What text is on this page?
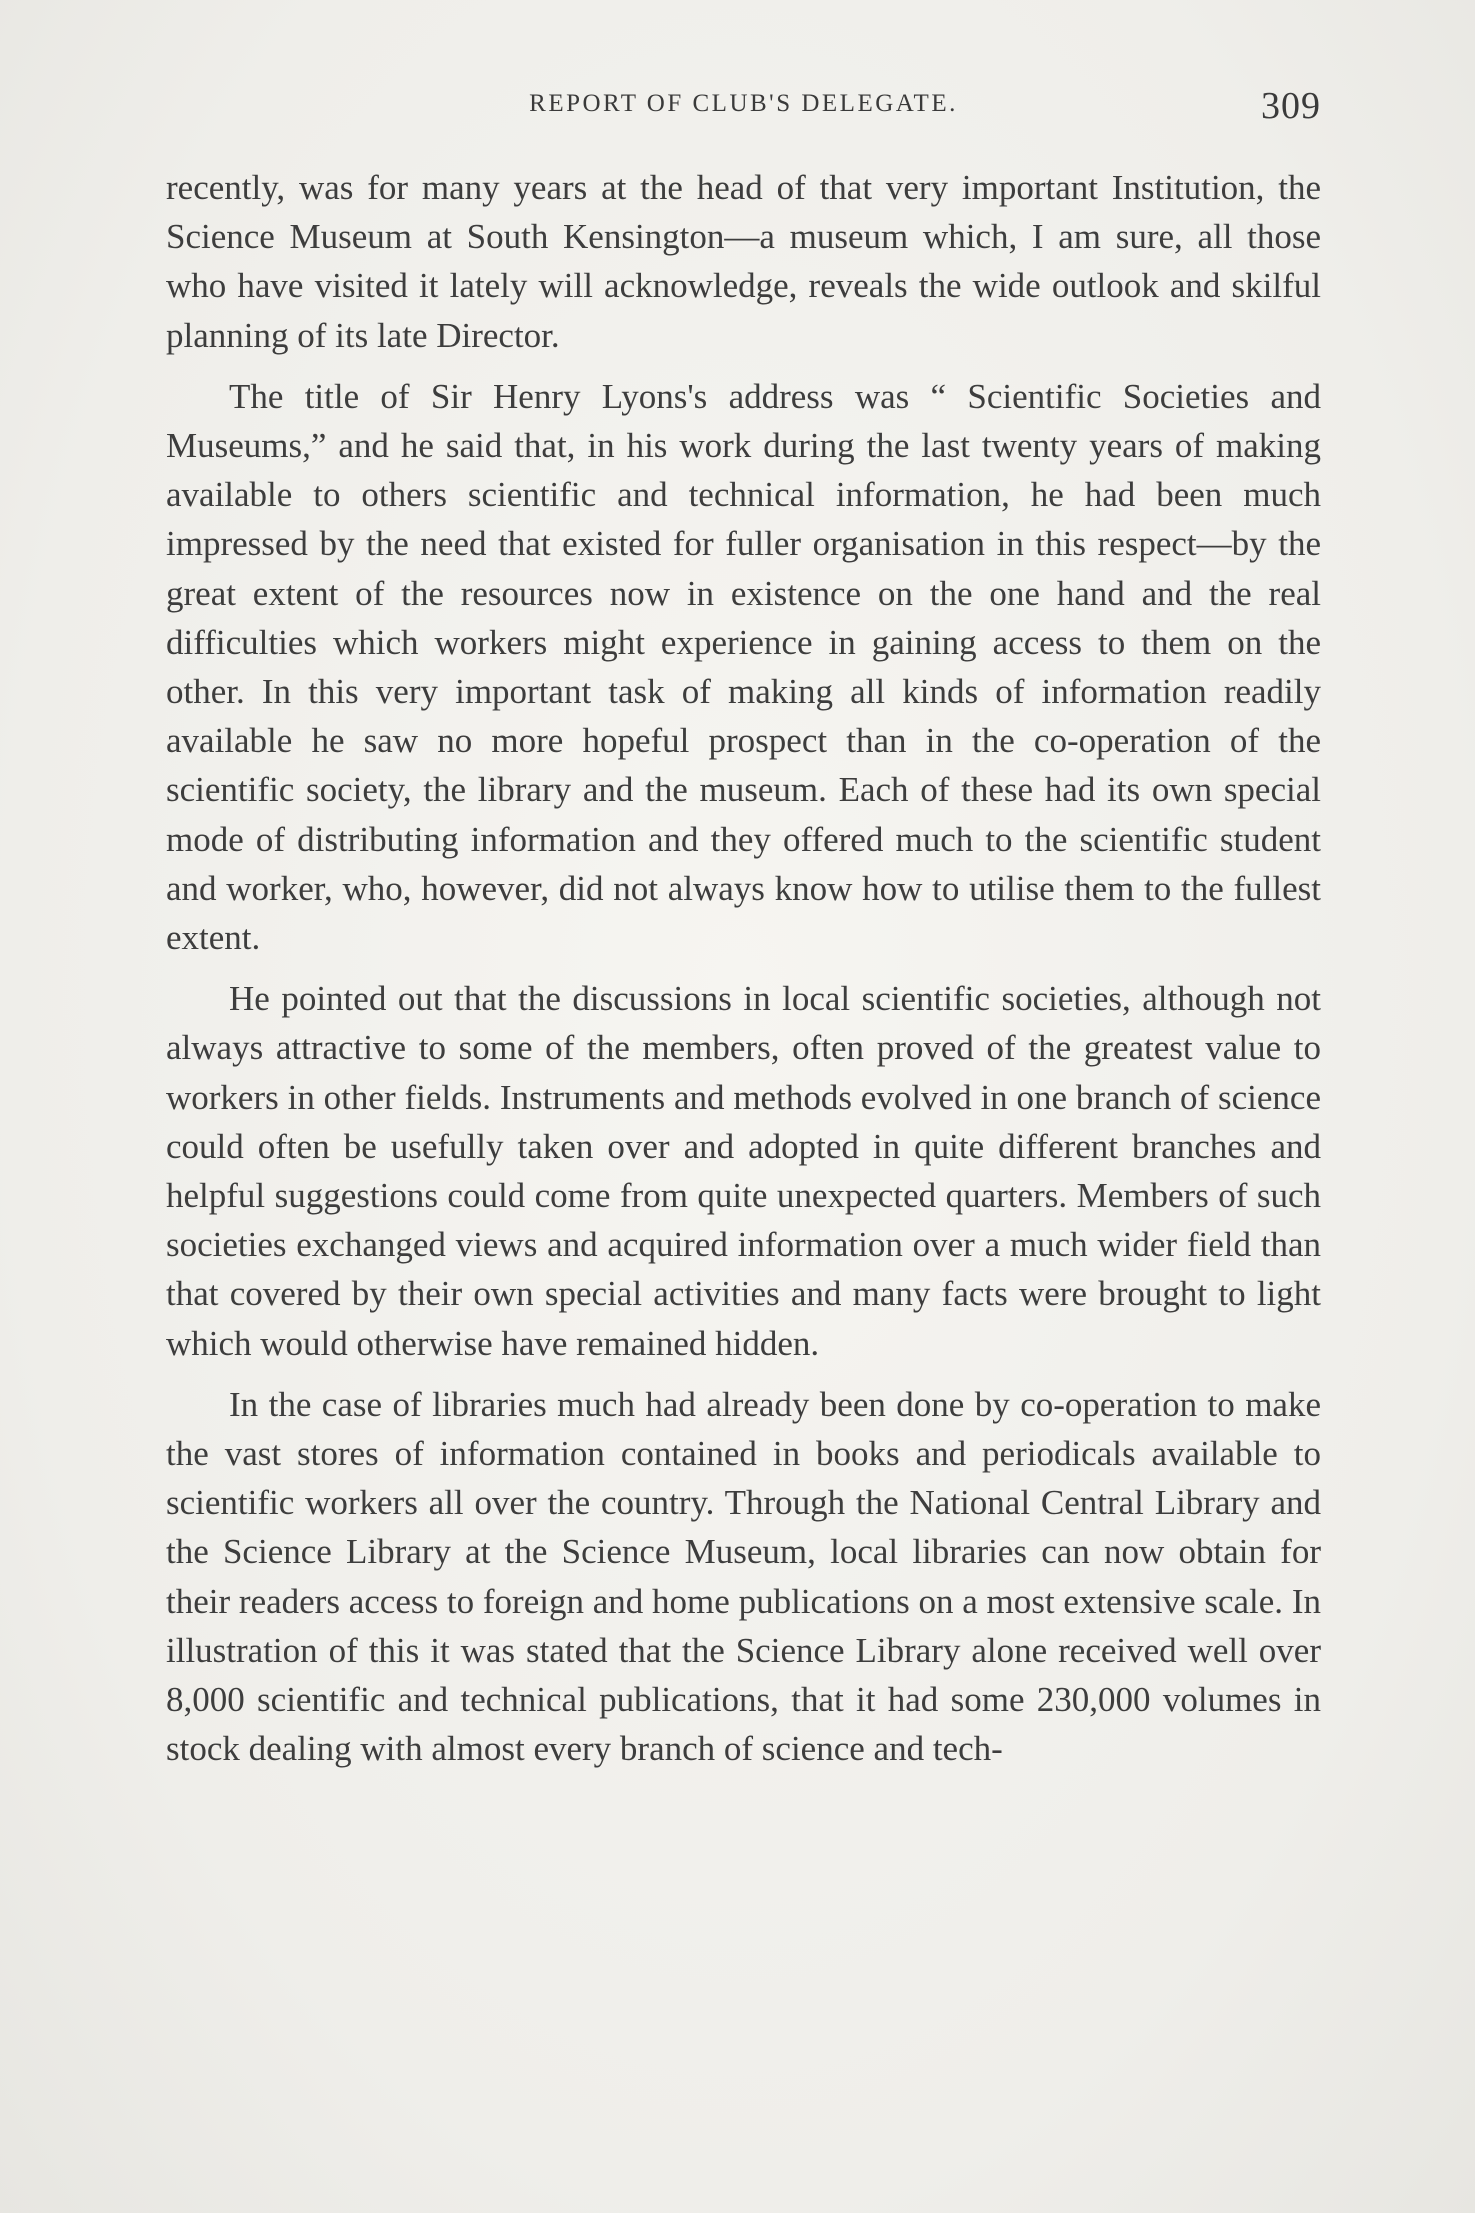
REPORT OF CLUB'S DELEGATE.	309

recently, was for many years at the head of that very important Institution, the Science Museum at South Kensington—a museum which, I am sure, all those who have visited it lately will acknowledge, reveals the wide outlook and skilful planning of its late Director.

The title of Sir Henry Lyons's address was “ Scientific Societies and Museums,” and he said that, in his work during the last twenty years of making available to others scientific and technical information, he had been much impressed by the need that existed for fuller organisation in this respect—by the great extent of the resources now in existence on the one hand and the real difficulties which workers might experience in gaining access to them on the other. In this very important task of making all kinds of information readily available he saw no more hopeful prospect than in the co-operation of the scientific society, the library and the museum. Each of these had its own special mode of distributing information and they offered much to the scientific student and worker, who, however, did not always know how to utilise them to the fullest extent.

He pointed out that the discussions in local scientific societies, although not always attractive to some of the members, often proved of the greatest value to workers in other fields. Instruments and methods evolved in one branch of science could often be usefully taken over and adopted in quite different branches and helpful suggestions could come from quite unexpected quarters. Members of such societies exchanged views and acquired information over a much wider field than that covered by their own special activities and many facts were brought to light which would otherwise have remained hidden.

In the case of libraries much had already been done by co-operation to make the vast stores of information contained in books and periodicals available to scientific workers all over the country. Through the National Central Library and the Science Library at the Science Museum, local libraries can now obtain for their readers access to foreign and home publications on a most extensive scale. In illustration of this it was stated that the Science Library alone received well over 8,000 scientific and technical publications, that it had some 230,000 volumes in stock dealing with almost every branch of science and tech-
